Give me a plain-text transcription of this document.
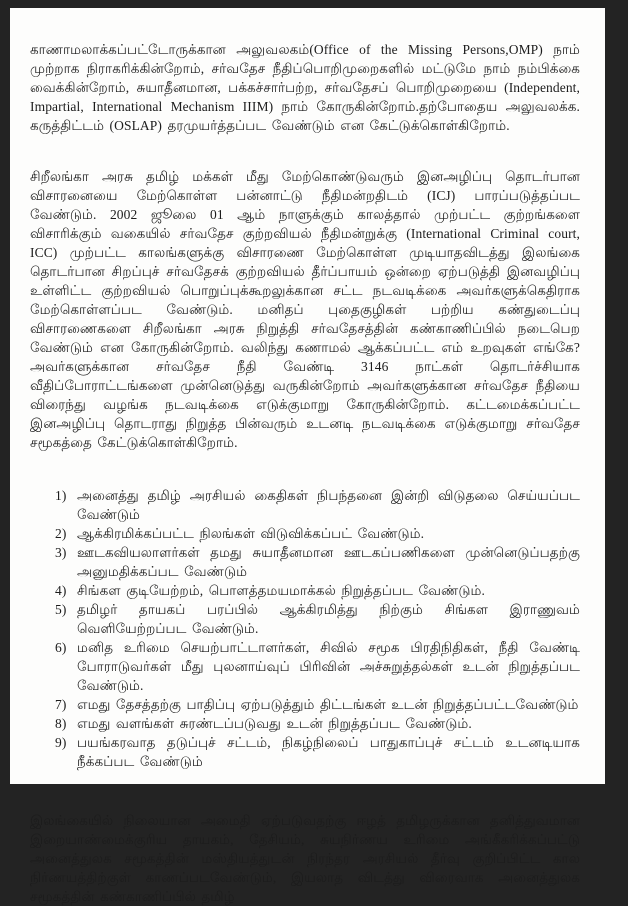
காணாமலாக்கப்பட்டோருக்கான அலுவலகம்(Office of the Missing Persons,OMP) நாம் முற்றாக நிராகரிக்கின்றோம், சர்வதேச நீதிப்பொறிமுறைகளில் மட்டுமே நாம் நம்பிக்கை வைக்கின்றோம், சுயாதீனமான, பக்கச்சார்பற்ற, சர்வதேசப் பொறிமுறையை (Independent, Impartial, International Mechanism IIIM) நாம் கோருகின்றோம்.தற்போதைய அலுவலக்க. கருத்திட்டம் (OSLAP) தரமுயர்த்தப்பட வேண்டும் என கேட்டுக்கொள்கிறோம்.

சிறீலங்கா அரசு தமிழ் மக்கள் மீது மேற்கொண்டுவரும் இனஅழிப்பு தொடர்பான விசாரனையை மேற்கொள்ள பன்னாட்டு நீதிமன்றதிடம் (ICJ) பாரப்படுத்தப்பட வேண்டும். 2002 ஜூலை 01 ஆம் நாளுக்கும் காலத்தால் முற்பட்ட குற்றங்களை விசாரிக்கும் வகையில் சர்வதேச குற்றவியல் நீதிமன்றுக்கு (International Criminal court, ICC) முற்பட்ட காலங்களுக்கு விசாரணை மேற்கொள்ள முடியாதவிடத்து இலங்கை தொடர்பான சிறப்புச் சர்வதேசக் குற்றவியல் தீர்ப்பாயம் ஒன்றை ஏற்படுத்தி இனவழிப்பு உள்ளிட்ட குற்றவியல் பொறுப்புக்கூறலுக்கான சட்ட நடவடிக்கை அவர்களுக்கெதிராக மேற்கொள்ளப்பட வேண்டும். மனிதப் புதைகுழிகள் பற்றிய கண்துடைப்பு விசாரணைகளை சிறீலங்கா அரசு நிறுத்தி சர்வதேசத்தின் கண்காணிப்பில் நடைபெற வேண்டும் என கோருகின்றோம். வலிந்து கணாமல் ஆக்கப்பட்ட எம் உறவுகள் எங்கே? அவர்களுக்கான சர்வதேச நீதி வேண்டி 3146 நாட்கள் தொடர்ச்சியாக வீதிப்போராட்டங்களை முன்னெடுத்து வருகின்றோம் அவர்களுக்கான சர்வதேச நீதியை விரைந்து வழங்க நடவடிக்கை எடுக்குமாறு கோருகின்றோம். கட்டமைக்கப்பட்ட இனஅழிப்பு தொடராது நிறுத்த பின்வரும் உடனடி நடவடிக்கை எடுக்குமாறு சர்வதேச சமூகத்தை கேட்டுக்கொள்கிறோம்.

அனைத்து தமிழ் அரசியல் கைதிகள் நிபந்தனை இன்றி விடுதலை செய்யப்பட வேண்டும்
ஆக்கிரமிக்கப்பட்ட நிலங்கள் விடுவிக்கப்பட் வேண்டும்.
ஊடகவியலாளர்கள் தமது சுயாதீனமான ஊடகப்பணிகளை முன்னெடுப்பதற்கு அனுமதிக்கப்பட வேண்டும்
சிங்கள குடியேற்றம், பொளத்தமயமாக்கல் நிறுத்தப்பட வேண்டும்.
தமிழர் தாயகப் பரப்பில் ஆக்கிரமித்து நிற்கும் சிங்கள இராணுவம் வெளியேற்றப்பட வேண்டும்.
மனித உரிமை செயற்பாட்டாளர்கள், சிவில் சமூக பிரதிநிதிகள், நீதி வேண்டி போராடுவர்கள் மீது புலனாய்வுப் பிரிவின் அச்சுறுத்தல்கள் உடன் நிறுத்தப்பட வேண்டும்.
எமது தேசத்தற்கு பாதிப்பு ஏற்படுத்தும் திட்டங்கள் உடன் நிறுத்தப்பட்டவேண்டும்
எமது வளங்கள் சுரண்டப்படுவது உடன் நிறுத்தப்பட வேண்டும்.
பயங்கரவாத தடுப்புச் சட்டம், நிகழ்நிலைப் பாதுகாப்புச் சட்டம் உடனடியாக நீக்கப்பட வேண்டும்

இலங்கையில் நிலையான அமைதி ஏற்படுவதற்கு ஈழத் தமிழருக்கான தனித்துவமான இறையாண்மைக்குரிய தாயகம், தேசியம், சுயநிர்ணய உரிமை அங்கீகரிக்கப்பட்டு அனைத்துலக சமூகத்தின் மஸ்தியத்துடன் நிரந்தர அரசியல் தீர்வு குறிப்பிட்ட கால நிர்ணயத்திற்குள் காணப்படவேண்டும், இயலாத விடத்து விரைவாக அனைத்துலக சமூகத்தின் கண்காணிப்பில் தமிழ்
